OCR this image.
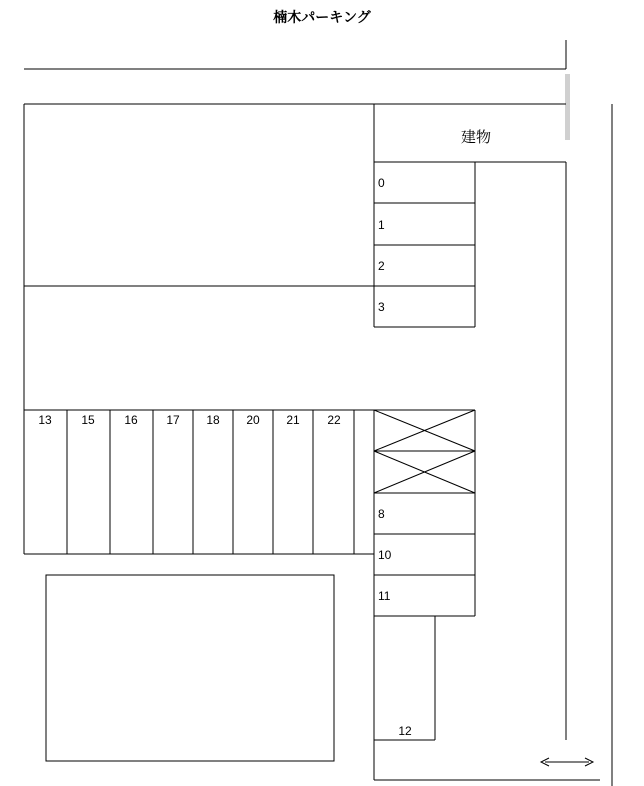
楠木パーキング
建物
0
1
2
3
13 15 16 17 18 20 21 22
8
10
11
12
